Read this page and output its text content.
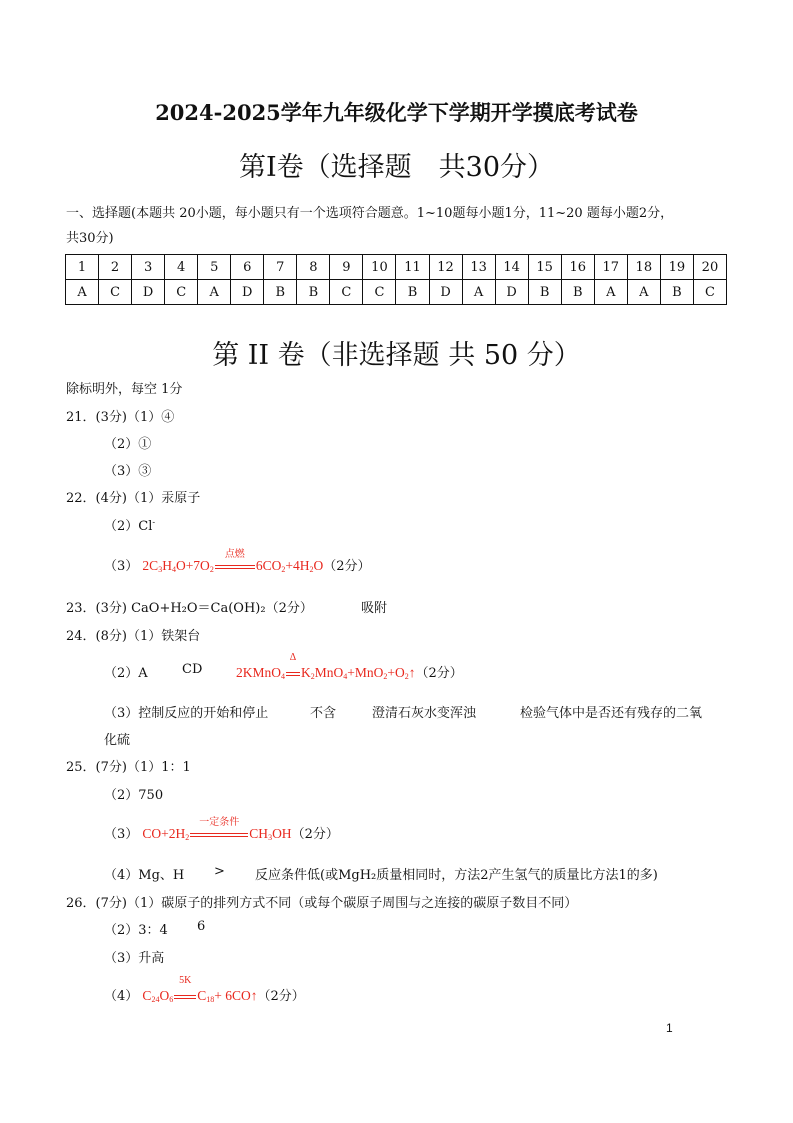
2024-2025学年九年级化学下学期开学摸底考试卷
第Ⅰ卷（选择题　共30分）
一、选择题(本题共 20小题，每小题只有一个选项符合题意。1~10题每小题1分，11~20 题每小题2分，
共30分)
1	2	3	4	5	6	7	8	9	10	11	12	13	14	15	16	17	18	19	20
A	C	D	C	A	D	B	B	C	C	B	D	A	D	B	B	A	A	B	C
第 II 卷（非选择题 共 50 分）
除标明外，每空 1分
21．(3分)（1）④
（2）①
（3）③
22．(4分)（1）汞原子
（2）Cl-
（3） $2C_3H_4O+7O_2$
点燃
$6CO_2+4H_2O(2$分）
23．(3分) CaO+H₂O＝Ca(OH)₂（2分）	吸附
24．(8分)（1）铁架台
（2）A	CD 2KMnO$_4$
Δ
$K_2MnO_4+MnO_2+O_2↑(2$分）
（3）控制反应的开始和停止	不含	澄清石灰水变浑浊	检验气体中是否还有残存的二氧
化硫
25．(7分)（1）1：1
（2）750
（3） $CO+2H_2$
一定条件
$CH_3OH(2$分）
（4）Mg、H > 反应条件低(或MgH₂质量相同时，方法2产生氢气的质量比方法1的多)
26．(7分)（1）碳原子的排列方式不同（或每个碳原子周围与之连接的碳原子数目不同）
（2）3：4 6
（3）升高
（4） $C_{24}O_6$
5K
$C_{18}+$ 6CO↑（2分）
1
